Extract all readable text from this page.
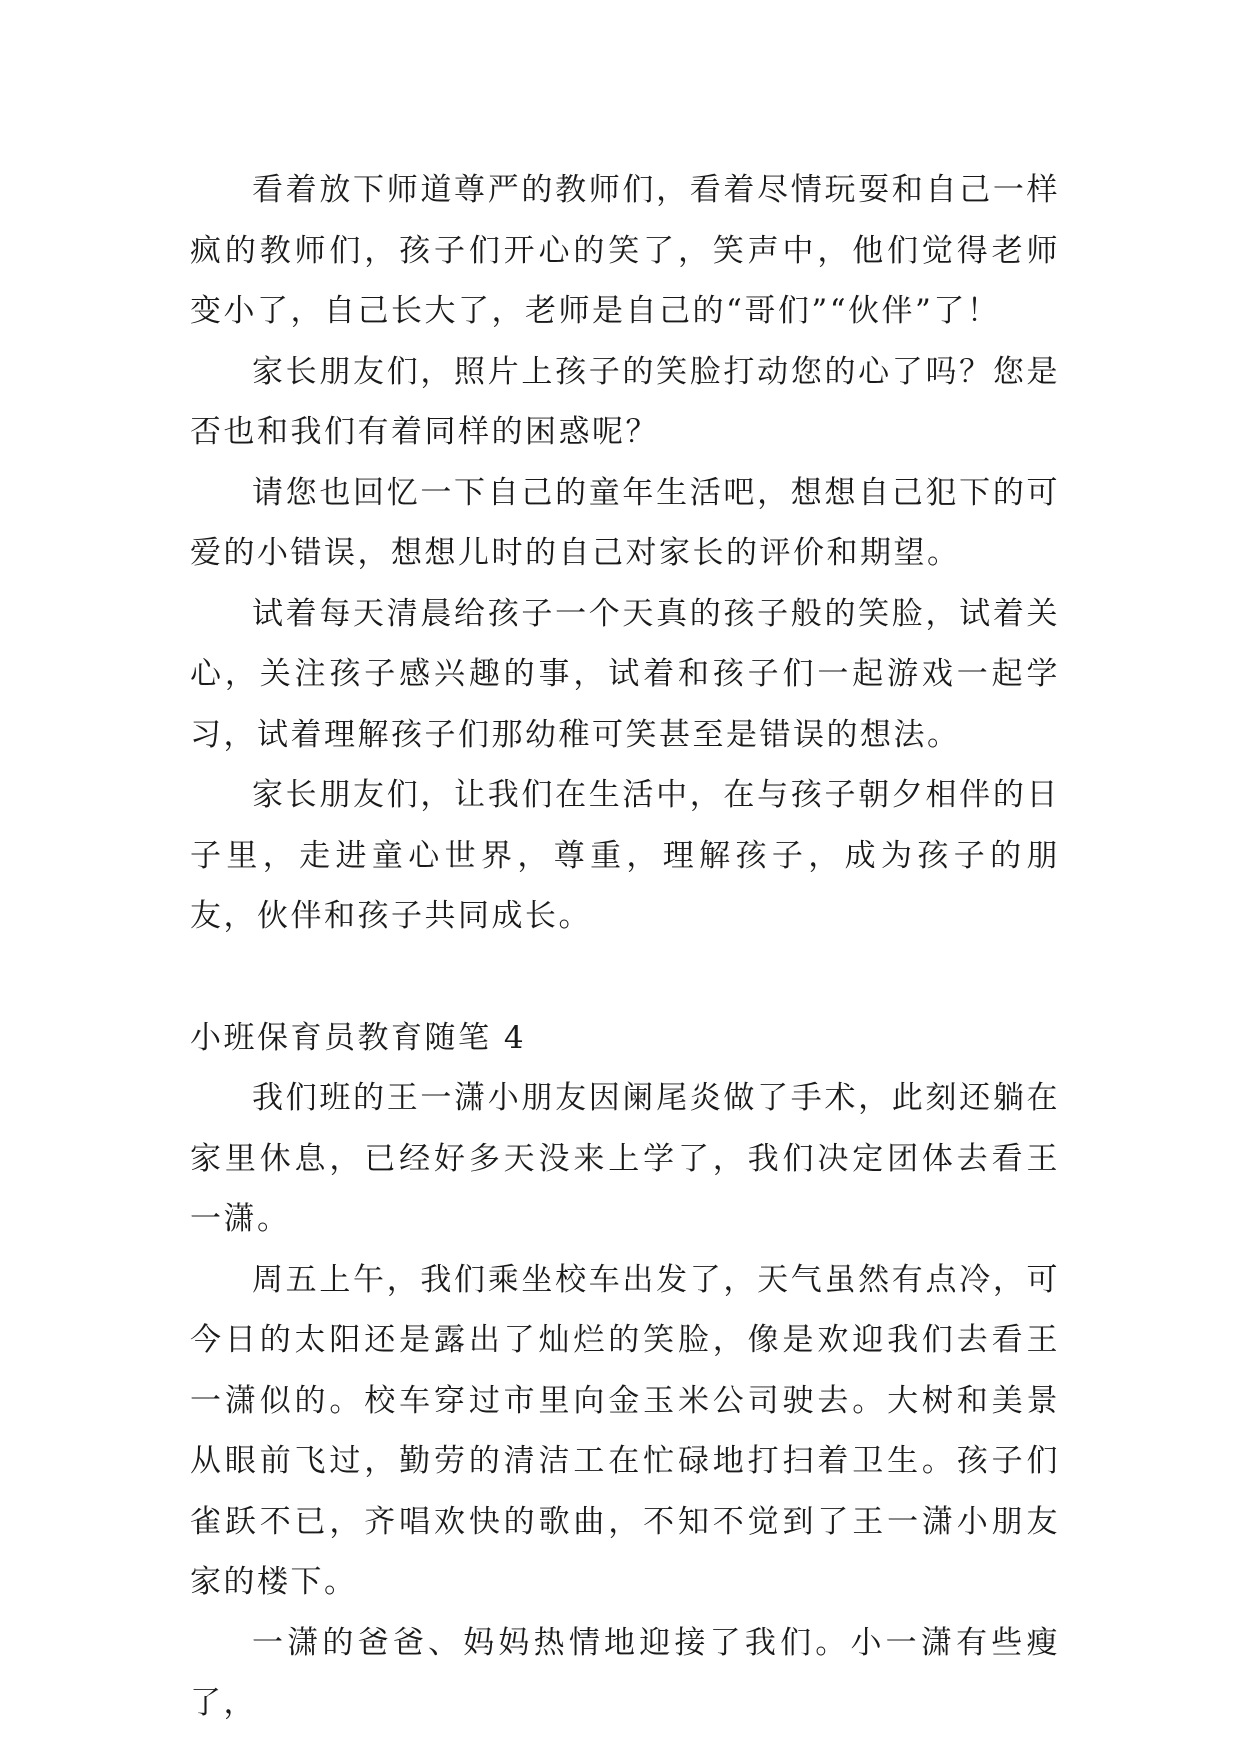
看着放下师道尊严的教师们，看着尽情玩耍和自己一样疯的教师们，孩子们开心的笑了，笑声中，他们觉得老师变小了，自己长大了，老师是自己的“哥们”“伙伴”了！

家长朋友们，照片上孩子的笑脸打动您的心了吗？您是否也和我们有着同样的困惑呢？

请您也回忆一下自己的童年生活吧，想想自己犯下的可爱的小错误，想想儿时的自己对家长的评价和期望。

试着每天清晨给孩子一个天真的孩子般的笑脸，试着关心，关注孩子感兴趣的事，试着和孩子们一起游戏一起学习，试着理解孩子们那幼稚可笑甚至是错误的想法。

家长朋友们，让我们在生活中，在与孩子朝夕相伴的日子里，走进童心世界，尊重，理解孩子，成为孩子的朋友，伙伴和孩子共同成长。

小班保育员教育随笔 4

我们班的王一潇小朋友因阑尾炎做了手术，此刻还躺在家里休息，已经好多天没来上学了，我们决定团体去看王一潇。

周五上午，我们乘坐校车出发了，天气虽然有点冷，可今日的太阳还是露出了灿烂的笑脸，像是欢迎我们去看王一潇似的。校车穿过市里向金玉米公司驶去。大树和美景从眼前飞过，勤劳的清洁工在忙碌地打扫着卫生。孩子们雀跃不已，齐唱欢快的歌曲，不知不觉到了王一潇小朋友家的楼下。

一潇的爸爸、妈妈热情地迎接了我们。小一潇有些瘦了，
